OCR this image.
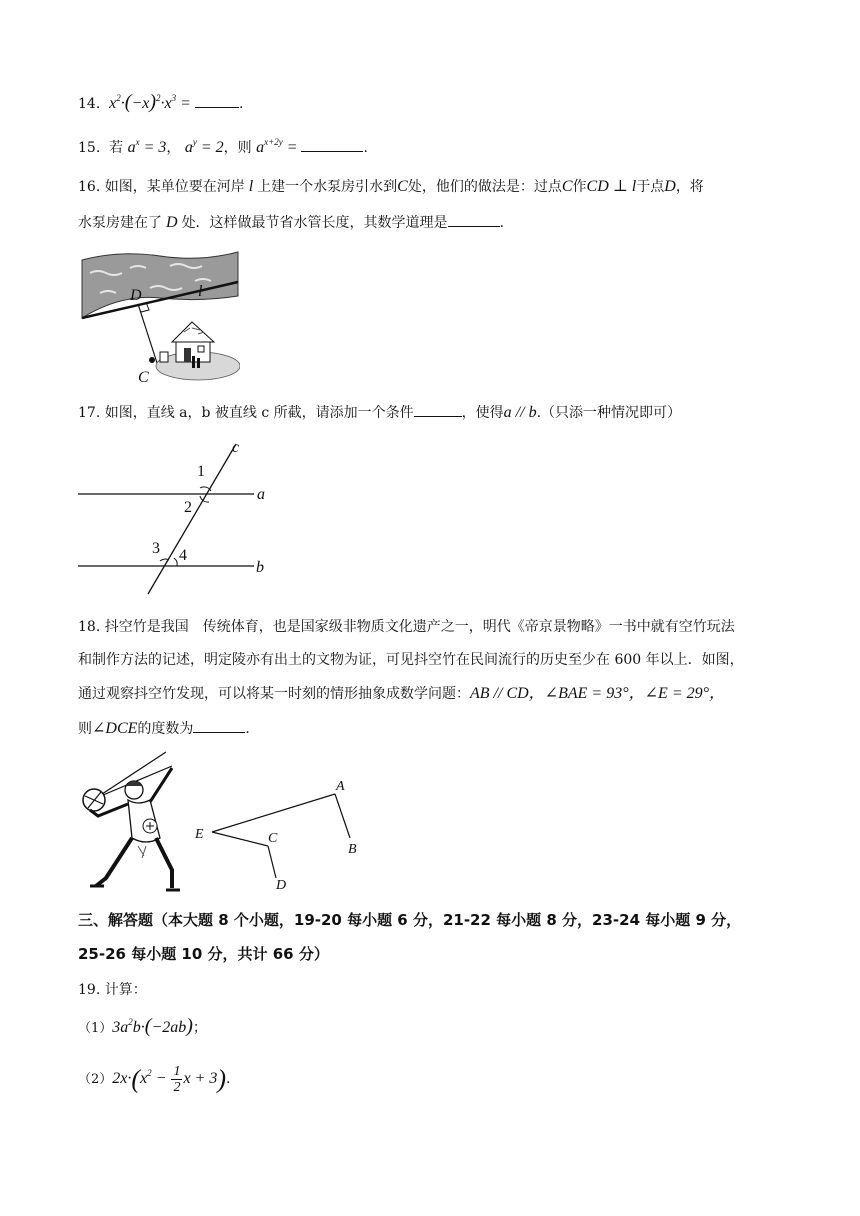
14. $x^2\cdot(-x)^2\cdot x^3$ =	.
15. 若 $a^x = 3$， $a^y = 2$，则 $a^{x+2y}$ =	.
16. 如图，某单位要在河岸 l 上建一个水泵房引水到C处，他们的做法是：过点C作CD ⊥ l于点D，将
水泵房建在了 D 处．这样做最节省水管长度，其数学道理是	.
D	l
C
17. 如图，直线 a，b 被直线 c 所截，请添加一个条件	，使得a // b.（只添一种情况即可）
c
1
a
2
3 4
b
18. 抖空竹是我国　传统体育，也是国家级非物质文化遗产之一，明代《帝京景物略》一书中就有空竹玩法
和制作方法的记述，明定陵亦有出土的文物为证，可见抖空竹在民间流行的历史至少在 600 年以上．如图，
通过观察抖空竹发现，可以将某一时刻的情形抽象成数学问题：AB // CD，∠BAE = 93°，∠E = 29°，
则∠DCE的度数为	.
A
E	C
B
D
三、解答题（本大题 8 个小题，19-20 每小题 6 分，21-22 每小题 8 分，23-24 每小题 9 分，
25-26 每小题 10 分，共计 66 分）
19. 计算：
$(1)3a^2b\cdot(-2ab)$；
$(2)2x\cdot(x^2 - \frac{1}{2}$ x + 3).
